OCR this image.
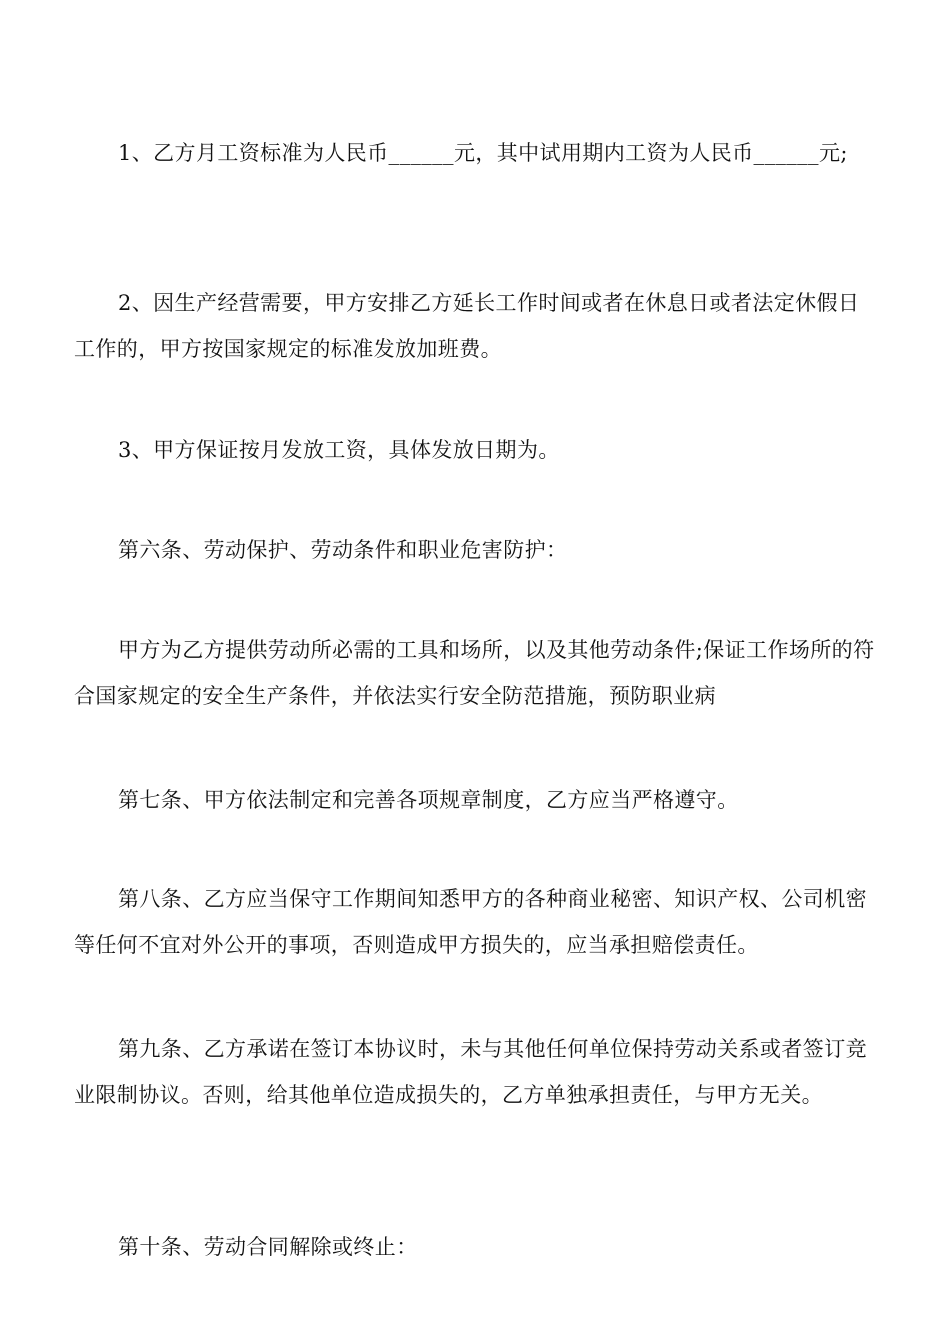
1、乙方月工资标准为人民币______元，其中试用期内工资为人民币______元;

2、因生产经营需要，甲方安排乙方延长工作时间或者在休息日或者法定休假日工作的，甲方按国家规定的标准发放加班费。

3、甲方保证按月发放工资，具体发放日期为。

第六条、劳动保护、劳动条件和职业危害防护：

甲方为乙方提供劳动所必需的工具和场所，以及其他劳动条件;保证工作场所的符合国家规定的安全生产条件，并依法实行安全防范措施，预防职业病

第七条、甲方依法制定和完善各项规章制度，乙方应当严格遵守。

第八条、乙方应当保守工作期间知悉甲方的各种商业秘密、知识产权、公司机密等任何不宜对外公开的事项，否则造成甲方损失的，应当承担赔偿责任。

第九条、乙方承诺在签订本协议时，未与其他任何单位保持劳动关系或者签订竞业限制协议。否则，给其他单位造成损失的，乙方单独承担责任，与甲方无关。

第十条、劳动合同解除或终止：
